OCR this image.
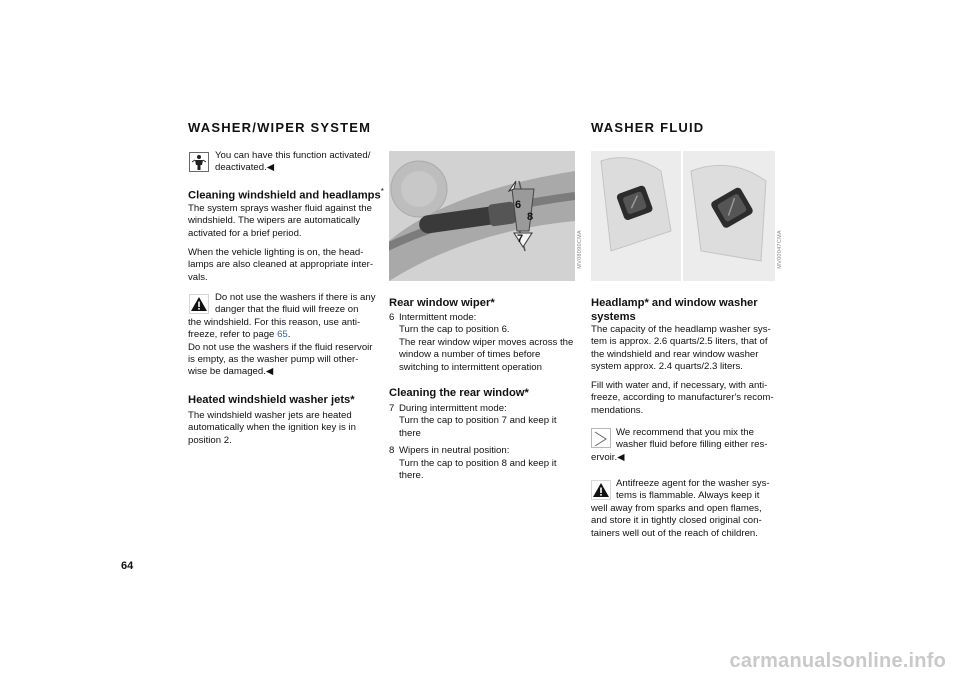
WASHER/WIPER SYSTEM
You can have this function activated/
deactivated.◀
Cleaning windshield and headlamps*
The system sprays washer fluid against the
windshield. The wipers are automatically
activated for a brief period.
When the vehicle lighting is on, the head-
lamps are also cleaned at appropriate inter-
vals.
Do not use the washers if there is any
danger that the fluid will freeze on
the windshield. For this reason, use anti-
freeze, refer to page 65.
Do not use the washers if the fluid reservoir
is empty, as the washer pump will other-
wise be damaged.◀
Heated windshield washer jets*
The windshield washer jets are heated
automatically when the ignition key is in
position 2.
6
8
7	MV08090CMA
Rear window wiper*
6 Intermittent mode:
Turn the cap to position 6.
The rear window wiper moves across the
window a number of times before
switching to intermittent operation
Cleaning the rear window*
7 During intermittent mode:
Turn the cap to position 7 and keep it
there
8 Wipers in neutral position:
Turn the cap to position 8 and keep it
there.
WASHER FLUID
MV00047CMA
Headlamp* and window washer
systems
The capacity of the headlamp washer sys-
tem is approx. 2.6 quarts/2.5 liters, that of
the windshield and rear window washer
system approx. 2.4 quarts/2.3 liters.
Fill with water and, if necessary, with anti-
freeze, according to manufacturer's recom-
mendations.
We recommend that you mix the
washer fluid before filling either res-
ervoir.◀
Antifreeze agent for the washer sys-
tems is flammable. Always keep it
well away from sparks and open flames,
and store it in tightly closed original con-
tainers well out of the reach of children.
64
carmanualsonline.info
